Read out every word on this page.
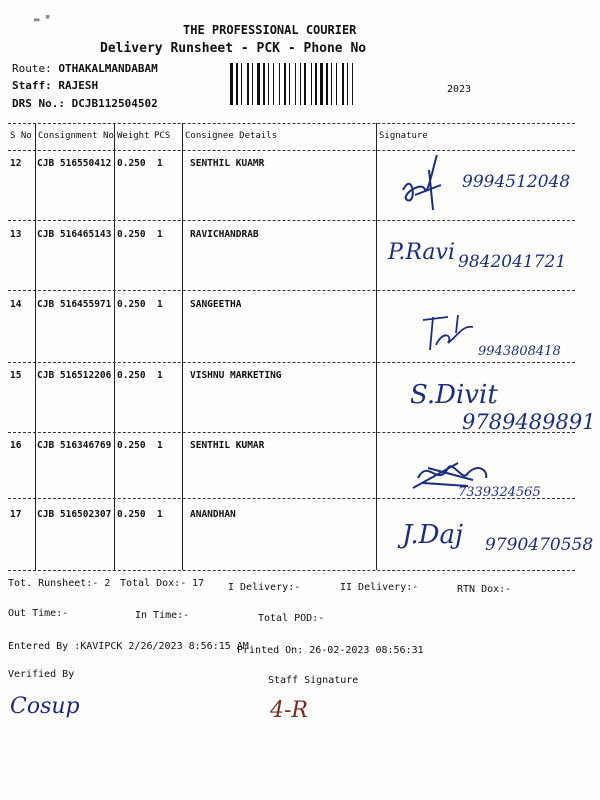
▂ ▪
THE PROFESSIONAL COURIER
Delivery Runsheet - PCK - Phone No
Route: OTHAKALMANDABAM
Staff: RAJESH
DRS No.: DCJB112504502
2023
S No Consignment No Weight PCS Consignee Details	Signature
12 CJB 516550412 0.250 1	SENTHIL KUAMR
9994512048
13 CJB 516465143 0.250 1	RAVICHANDRAB
P.Ravi 9842041721
14 CJB 516455971 0.250 1	SANGEETHA
9943808418
15 CJB 516512206 0.250 1	VISHNU MARKETING
S.Divit
9789489891
16 CJB 516346769 0.250 1	SENTHIL KUMAR
7339324565
17 CJB 516502307 0.250 1	ANANDHAN
J.Daj 9790470558
Tot. Runsheet:- 2 Total Dox:- 17 I Delivery:-	II Delivery:-	RTN Dox:-
Out Time:-	In Time:-	Total POD:-
Entered By :KAVIPCK 2/26/2023 8:56:15 AM
Printed On: 26-02-2023 08:56:31
Verified By
Staff Signature
Cosup	4-R
